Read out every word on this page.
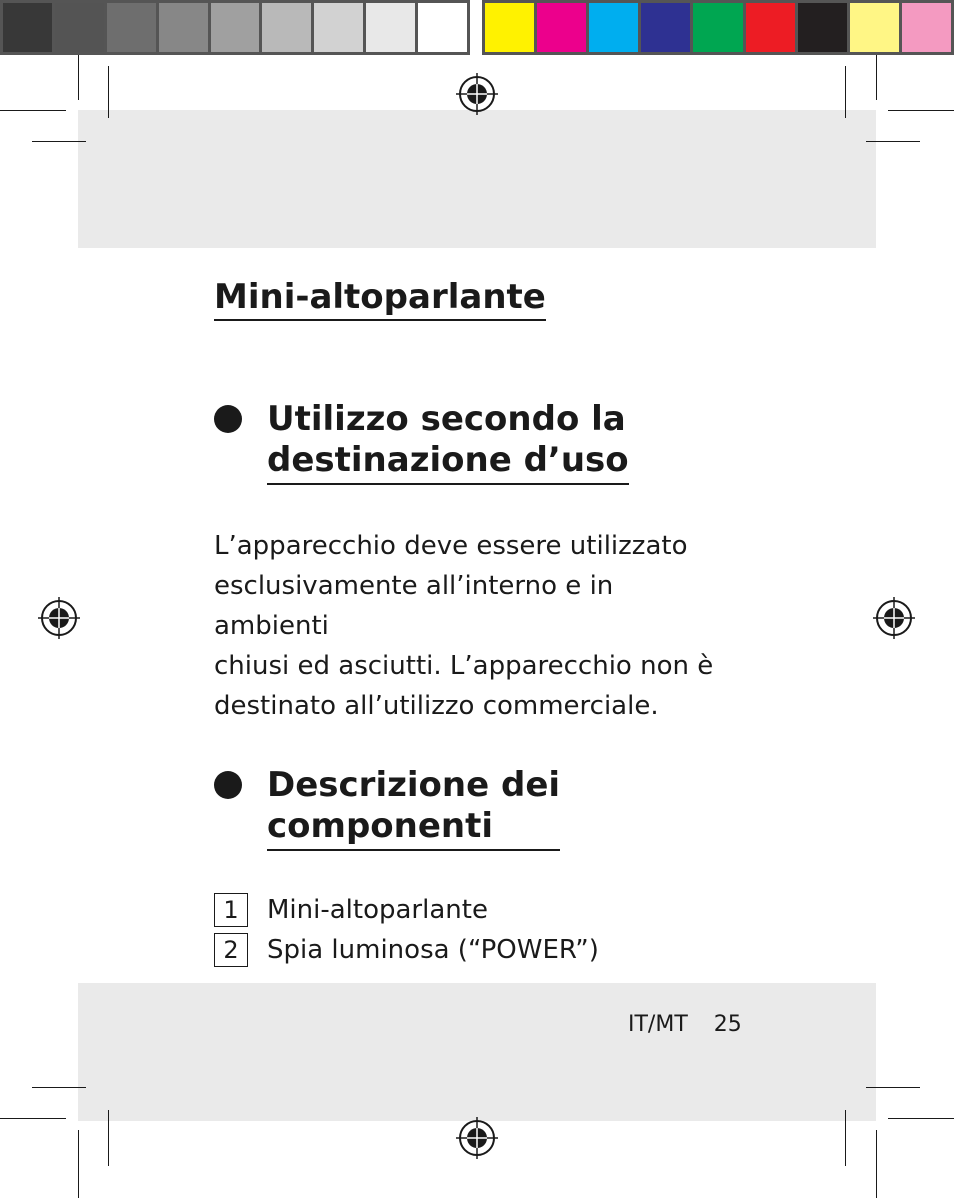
Mini-altoparlante
Utilizzo secondo la
destinazione d’uso
L’apparecchio deve essere utilizzato
esclusivamente all’interno e in ambienti
chiusi ed asciutti. L’apparecchio non è
destinato all’utilizzo commerciale.
Descrizione dei
componenti
1	Mini-altoparlante
2	Spia luminosa (“POWER”)
IT/MT 25
